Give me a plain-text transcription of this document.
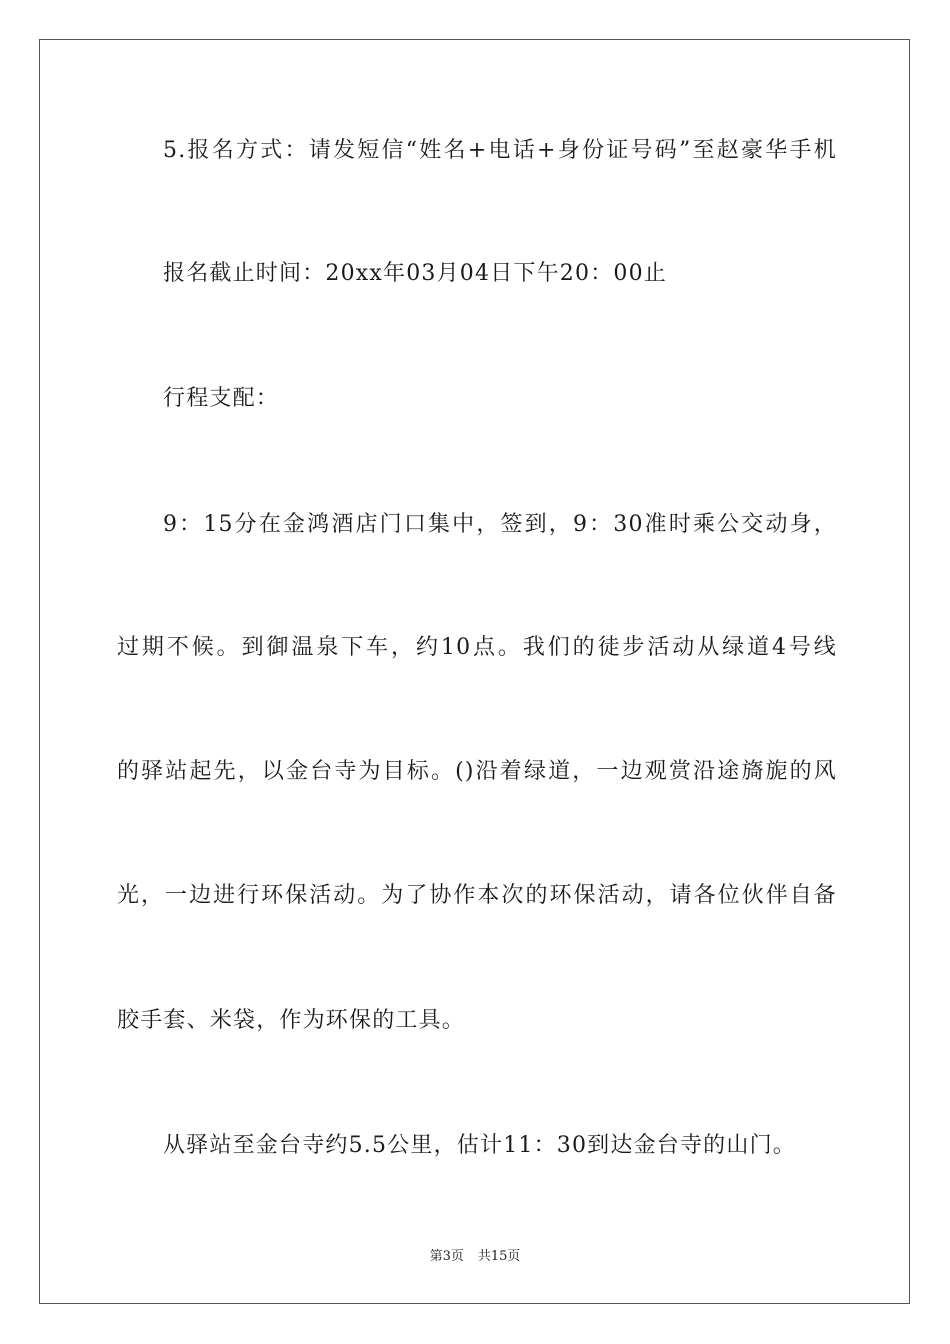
5.报名方式：请发短信“姓名+电话+身份证号码”至赵豪华手机
报名截止时间：20xx年03月04日下午20：00止
行程支配：
9：15分在金鸿酒店门口集中，签到，9：30准时乘公交动身，
过期不候。到御温泉下车，约10点。我们的徒步活动从绿道4号线
的驿站起先，以金台寺为目标。()沿着绿道，一边观赏沿途旖旎的风
光，一边进行环保活动。为了协作本次的环保活动，请各位伙伴自备
胶手套、米袋，作为环保的工具。
从驿站至金台寺约5.5公里，估计11：30到达金台寺的山门。
第3页 共15页
